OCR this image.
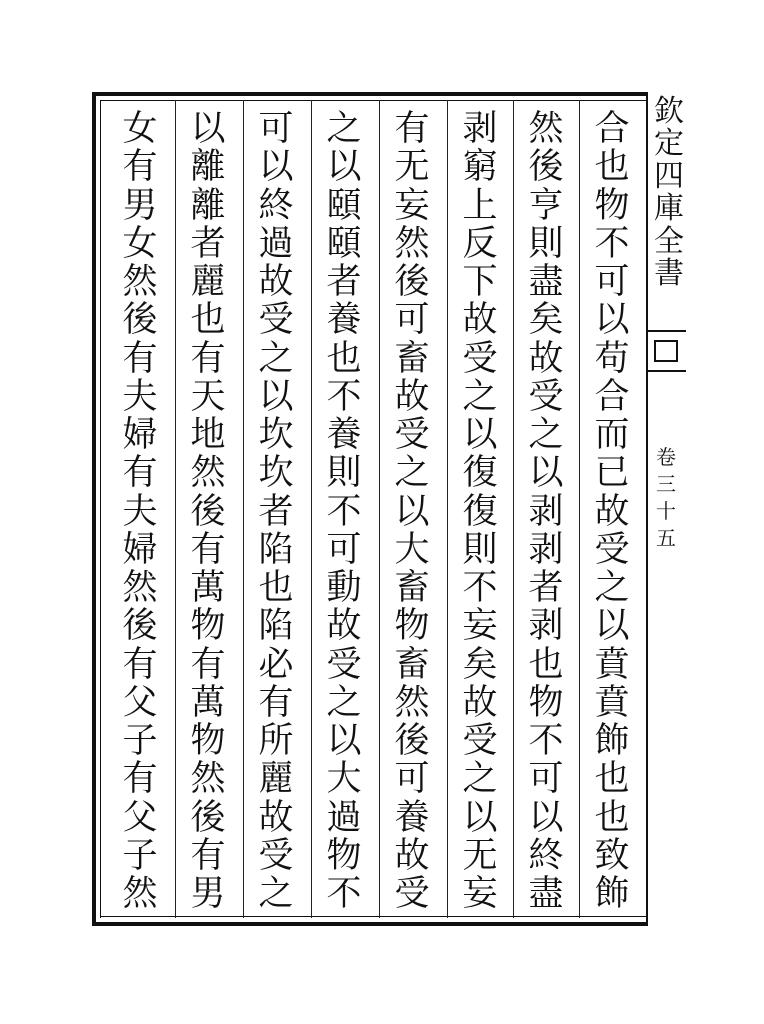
欽
定
四
庫
全
書
卷
三
十
五
合
也
物
不
可
以
苟
合
而
已
故
受
之
以
賁
賁
飾
也
也
致
飾
然
後
亨
則
盡
矣
故
受
之
以
剥
剥
者
剥
也
物
不
可
以
終
盡
剥
窮
上
反
下
故
受
之
以
復
復
則
不
妄
矣
故
受
之
以
无
妄
有
无
妄
然
後
可
畜
故
受
之
以
大
畜
物
畜
然
後
可
養
故
受
之
以
頤
頤
者
養
也
不
養
則
不
可
動
故
受
之
以
大
過
物
不
可
以
終
過
故
受
之
以
坎
坎
者
陷
也
陷
必
有
所
麗
故
受
之
以
離
離
者
麗
也
有
天
地
然
後
有
萬
物
有
萬
物
然
後
有
男
女
有
男
女
然
後
有
夫
婦
有
夫
婦
然
後
有
父
子
有
父
子
然
